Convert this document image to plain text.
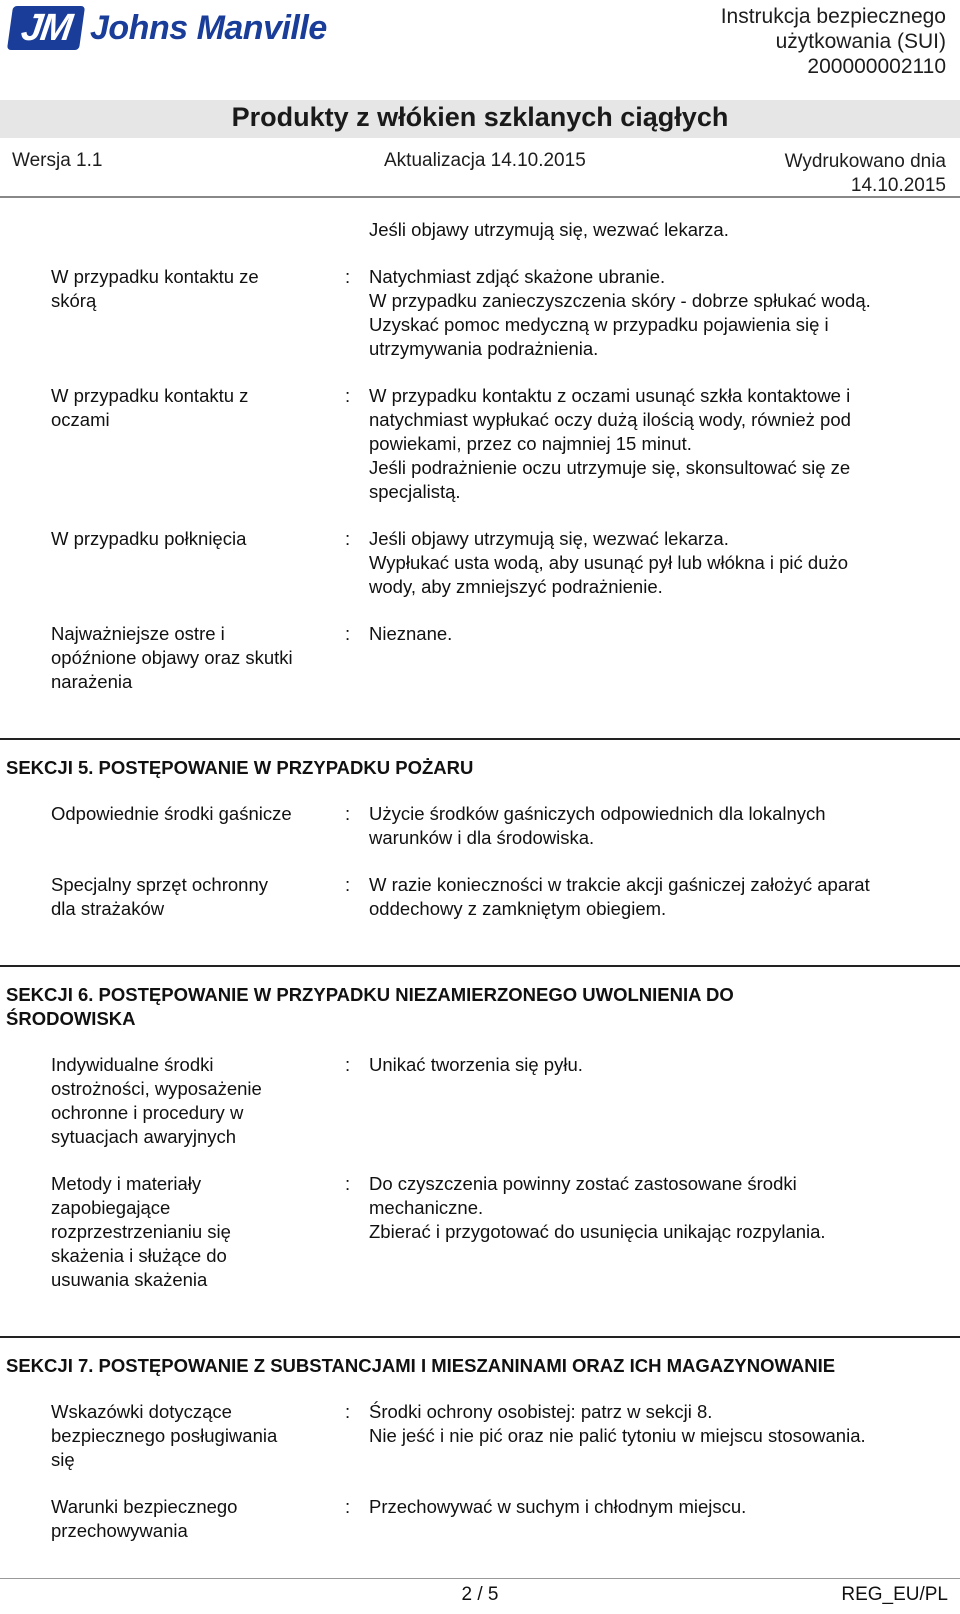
JM Johns Manville	Instrukcja bezpiecznego
użytkowania (SUI)
200000002110
Produkty z włókien szklanych ciągłych
Wersja 1.1	Aktualizacja 14.10.2015	Wydrukowano dnia
14.10.2015
Jeśli objawy utrzymują się, wezwać lekarza.
W przypadku kontaktu ze
skórą
:	Natychmiast zdjąć skażone ubranie.
W przypadku zanieczyszczenia skóry - dobrze spłukać wodą.
Uzyskać pomoc medyczną w przypadku pojawienia się i
utrzymywania podrażnienia.
W przypadku kontaktu z
oczami
:	W przypadku kontaktu z oczami usunąć szkła kontaktowe i
natychmiast wypłukać oczy dużą ilością wody, również pod
powiekami, przez co najmniej 15 minut.
Jeśli podrażnienie oczu utrzymuje się, skonsultować się ze
specjalistą.
W przypadku połknięcia	:	Jeśli objawy utrzymują się, wezwać lekarza.
Wypłukać usta wodą, aby usunąć pył lub włókna i pić dużo
wody, aby zmniejszyć podrażnienie.
Najważniejsze ostre i
opóźnione objawy oraz skutki
narażenia
:	Nieznane.
SEKCJI 5. POSTĘPOWANIE W PRZYPADKU POŻARU
Odpowiednie środki gaśnicze	:	Użycie środków gaśniczych odpowiednich dla lokalnych
warunków i dla środowiska.
Specjalny sprzęt ochronny
dla strażaków
:	W razie konieczności w trakcie akcji gaśniczej założyć aparat
oddechowy z zamkniętym obiegiem.
SEKCJI 6. POSTĘPOWANIE W PRZYPADKU NIEZAMIERZONEGO UWOLNIENIA DO
ŚRODOWISKA
Indywidualne środki
ostrożności, wyposażenie
ochronne i procedury w
sytuacjach awaryjnych
:	Unikać tworzenia się pyłu.
Metody i materiały
zapobiegające
rozprzestrzenianiu się
skażenia i służące do
usuwania skażenia
:	Do czyszczenia powinny zostać zastosowane środki
mechaniczne.
Zbierać i przygotować do usunięcia unikając rozpylania.
SEKCJI 7. POSTĘPOWANIE Z SUBSTANCJAMI I MIESZANINAMI ORAZ ICH MAGAZYNOWANIE
Wskazówki dotyczące
bezpiecznego posługiwania
się
:	Środki ochrony osobistej: patrz w sekcji 8.
Nie jeść i nie pić oraz nie palić tytoniu w miejscu stosowania.
Warunki bezpiecznego
przechowywania
:	Przechowywać w suchym i chłodnym miejscu.
2 / 5	REG_EU/PL
